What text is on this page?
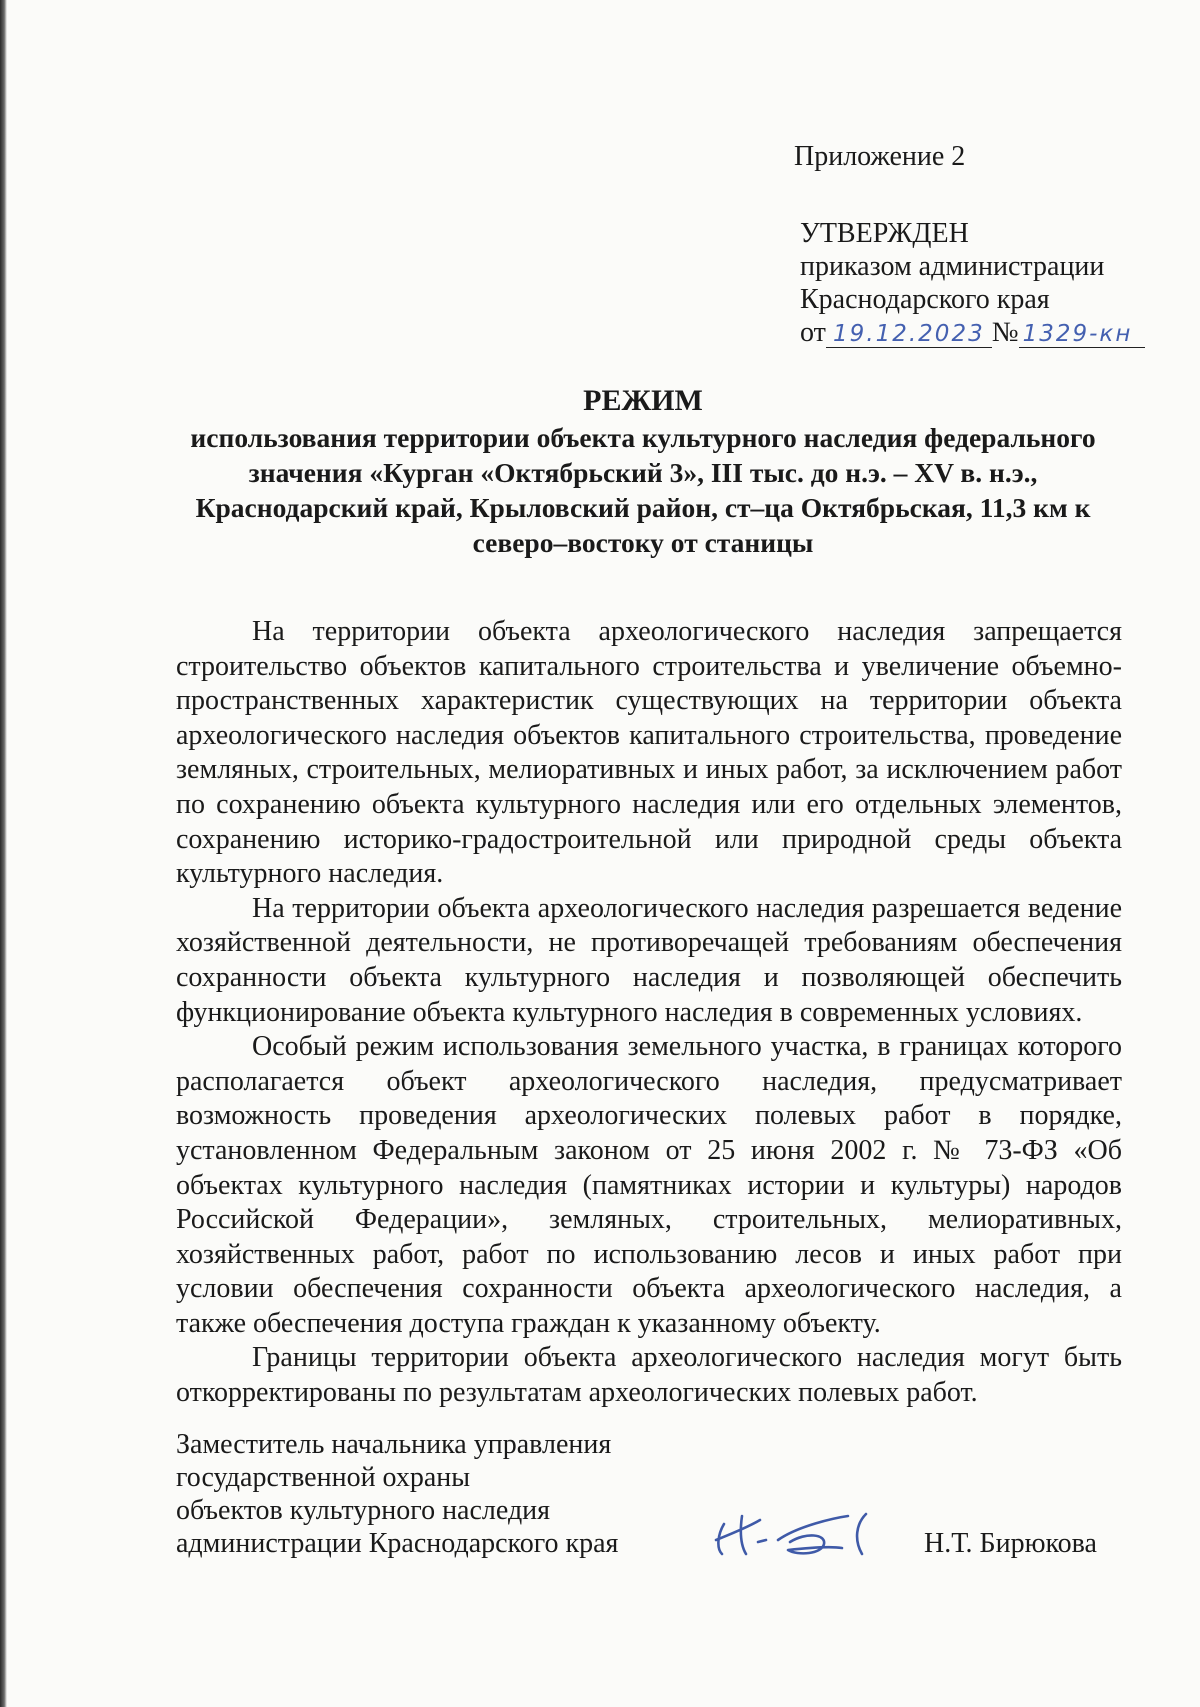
Приложение 2
УТВЕРЖДЕН
приказом администрации
Краснодарского края
от 19.12.2023 № 1329-кн
РЕЖИМ
использования территории объекта культурного наследия федерального значения «Курган «Октябрьский 3», III тыс. до н.э. – XV в. н.э., Краснодарский край, Крыловский район, ст–ца Октябрьская, 11,3 км к северо–востоку от станицы

На территории объекта археологического наследия запрещается строительство объектов капитального строительства и увеличение объемно-пространственных характеристик существующих на территории объекта археологического наследия объектов капитального строительства, проведение земляных, строительных, мелиоративных и иных работ, за исключением работ по сохранению объекта культурного наследия или его отдельных элементов, сохранению историко-градостроительной или природной среды объекта культурного наследия.

На территории объекта археологического наследия разрешается ведение хозяйственной деятельности, не противоречащей требованиям обеспечения сохранности объекта культурного наследия и позволяющей обеспечить функционирование объекта культурного наследия в современных условиях.

Особый режим использования земельного участка, в границах которого располагается объект археологического наследия, предусматривает возможность проведения археологических полевых работ в порядке, установленном Федеральным законом от 25 июня 2002 г. № 73-ФЗ «Об объектах культурного наследия (памятниках истории и культуры) народов Российской Федерации», земляных, строительных, мелиоративных, хозяйственных работ, работ по использованию лесов и иных работ при условии обеспечения сохранности объекта археологического наследия, а также обеспечения доступа граждан к указанному объекту.

Границы территории объекта археологического наследия могут быть откорректированы по результатам археологических полевых работ.

Заместитель начальника управления
государственной охраны
объектов культурного наследия
администрации Краснодарского края	Н.Т. Бирюкова
